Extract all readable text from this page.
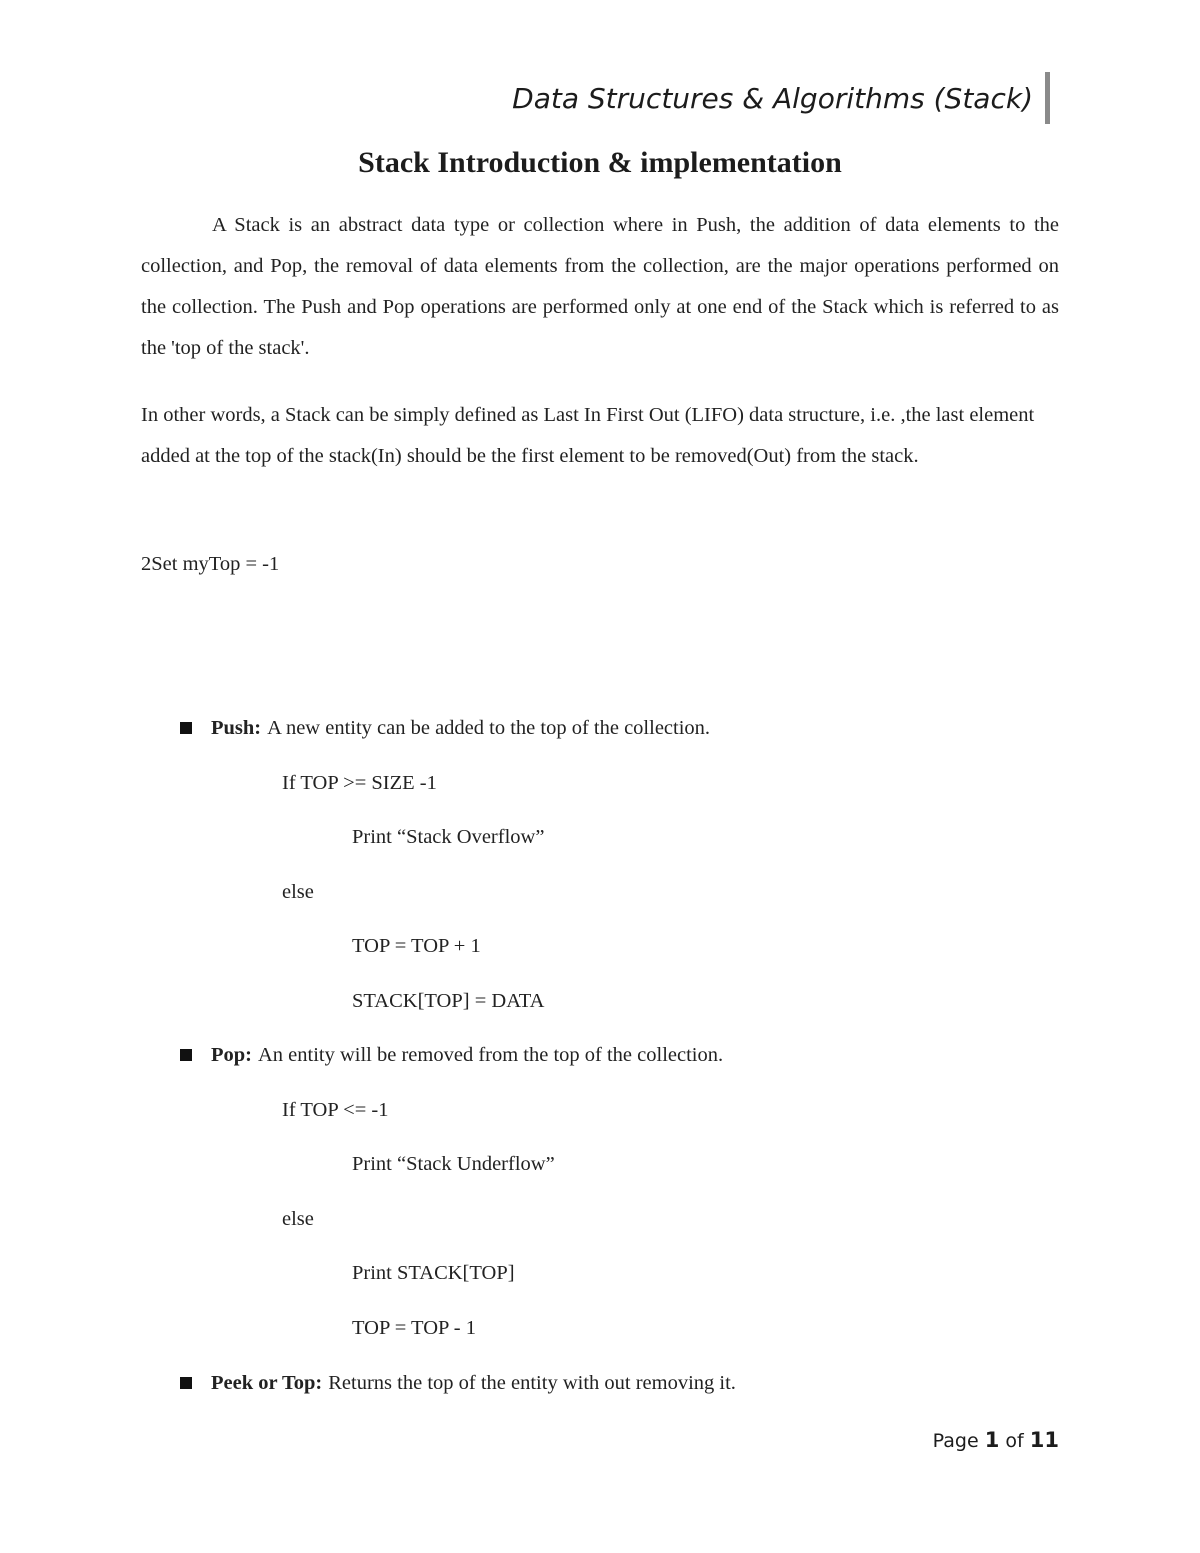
Data Structures & Algorithms (Stack)
Stack Introduction & implementation

A Stack is an abstract data type or collection where in Push, the addition of data elements to the collection, and Pop, the removal of data elements from the collection, are the major operations performed on the collection. The Push and Pop operations are performed only at one end of the Stack which is referred to as the 'top of the stack'.

In other words, a Stack can be simply defined as Last In First Out (LIFO) data structure, i.e. ,the last element added at the top of the stack(In) should be the first element to be removed(Out) from the stack.

2Set myTop = -1

Push: A new entity can be added to the top of the collection.

If TOP >= SIZE -1

Print “Stack Overflow”

else

TOP = TOP + 1

STACK[TOP] = DATA

Pop: An entity will be removed from the top of the collection.

If TOP <= -1

Print “Stack Underflow”

else

Print STACK[TOP]

TOP = TOP - 1

Peek or Top: Returns the top of the entity with out removing it.
Page 1 of 11
